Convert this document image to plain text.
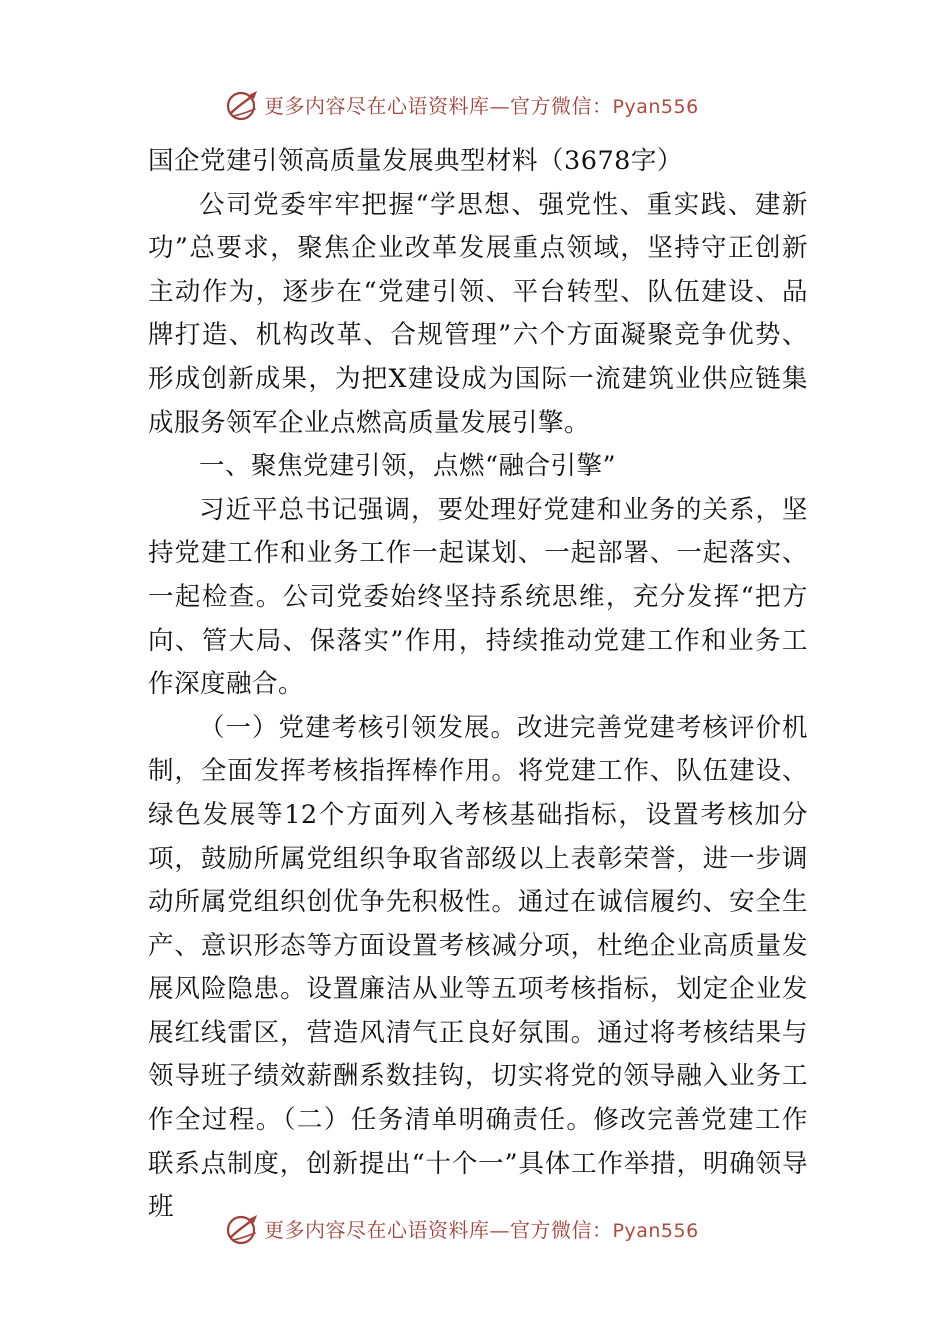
更多内容尽在心语资料库—官方微信：Pyan556

国企党建引领高质量发展典型材料（3678字）

公司党委牢牢把握“学思想、强党性、重实践、建新功”总要求，聚焦企业改革发展重点领域，坚持守正创新主动作为，逐步在“党建引领、平台转型、队伍建设、品牌打造、机构改革、合规管理”六个方面凝聚竞争优势、形成创新成果，为把X建设成为国际一流建筑业供应链集成服务领军企业点燃高质量发展引擎。

一、聚焦党建引领，点燃“融合引擎”

习近平总书记强调，要处理好党建和业务的关系，坚持党建工作和业务工作一起谋划、一起部署、一起落实、一起检查。公司党委始终坚持系统思维，充分发挥“把方向、管大局、保落实”作用，持续推动党建工作和业务工作深度融合。

（一）党建考核引领发展。改进完善党建考核评价机制，全面发挥考核指挥棒作用。将党建工作、队伍建设、绿色发展等12个方面列入考核基础指标，设置考核加分项，鼓励所属党组织争取省部级以上表彰荣誉，进一步调动所属党组织创优争先积极性。通过在诚信履约、安全生产、意识形态等方面设置考核减分项，杜绝企业高质量发展风险隐患。设置廉洁从业等五项考核指标，划定企业发展红线雷区，营造风清气正良好氛围。通过将考核结果与领导班子绩效薪酬系数挂钩，切实将党的领导融入业务工作全过程。（二）任务清单明确责任。修改完善党建工作联系点制度，创新提出“十个一”具体工作举措，明确领导班

更多内容尽在心语资料库—官方微信：Pyan556
